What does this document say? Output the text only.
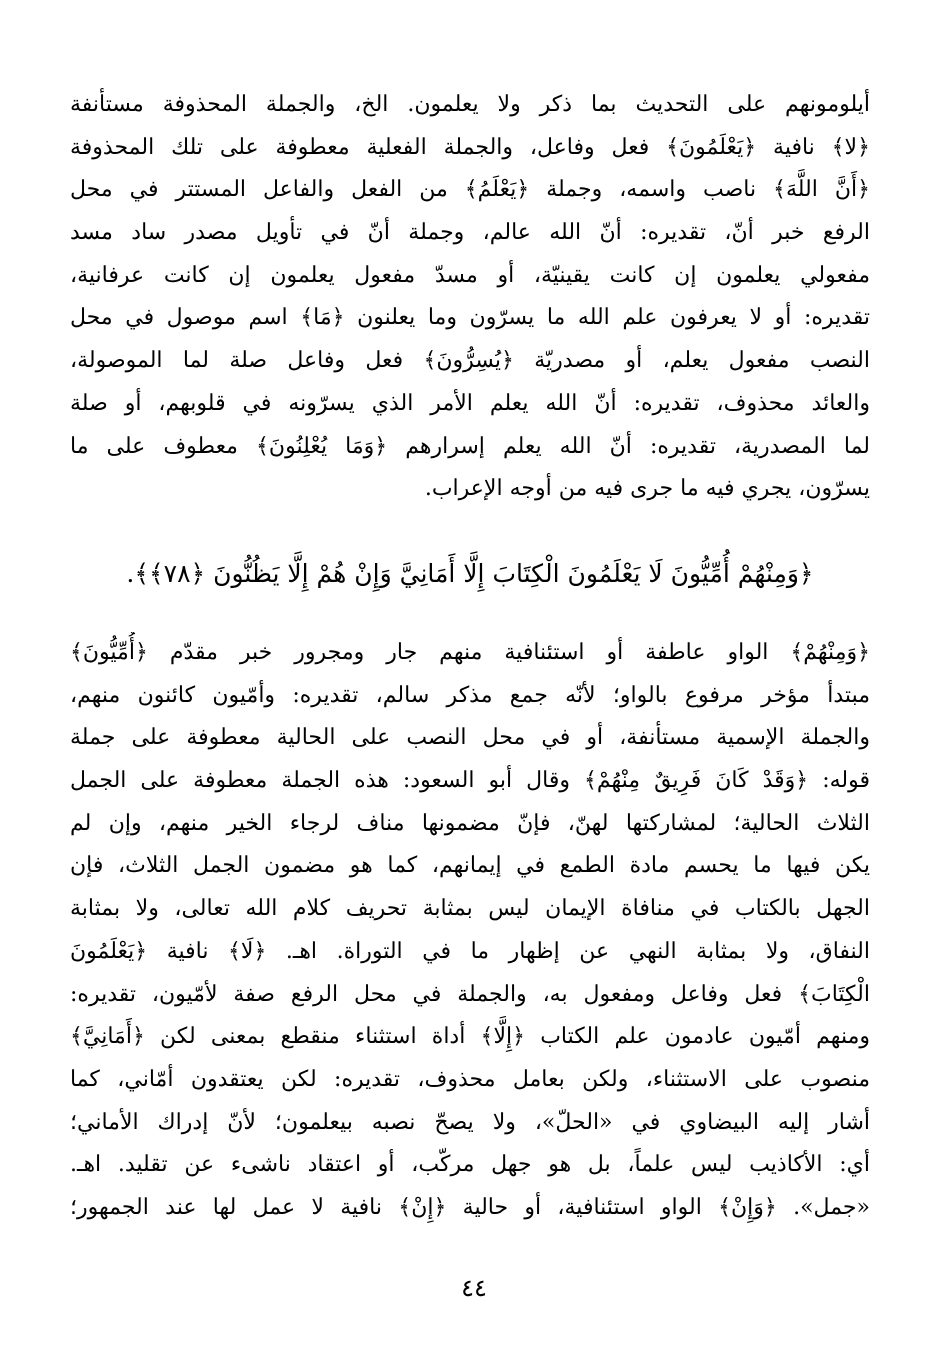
أيلومونهم على التحديث بما ذكر ولا يعلمون. الخ، والجملة المحذوفة مستأنفة
﴿لا﴾ نافية ﴿يَعْلَمُونَ﴾ فعل وفاعل، والجملة الفعلية معطوفة على تلك المحذوفة
﴿أَنَّ اللَّهَ﴾ ناصب واسمه، وجملة ﴿يَعْلَمُ﴾ من الفعل والفاعل المستتر في محل
الرفع خبر أنّ، تقديره: أنّ الله عالم، وجملة أنّ في تأويل مصدر ساد مسد
مفعولي يعلمون إن كانت يقينيّة، أو مسدّ مفعول يعلمون إن كانت عرفانية،
تقديره: أو لا يعرفون علم الله ما يسرّون وما يعلنون ﴿مَا﴾ اسم موصول في محل
النصب مفعول يعلم، أو مصدريّة ﴿يُسِرُّونَ﴾ فعل وفاعل صلة لما الموصولة،
والعائد محذوف، تقديره: أنّ الله يعلم الأمر الذي يسرّونه في قلوبهم، أو صلة
لما المصدرية، تقديره: أنّ الله يعلم إسرارهم ﴿وَمَا يُعْلِنُونَ﴾ معطوف على ما
يسرّون، يجري فيه ما جرى فيه من أوجه الإعراب.
﴿وَمِنْهُمْ أُمِّيُّونَ لَا يَعْلَمُونَ الْكِتَابَ إِلَّا أَمَانِيَّ وَإِنْ هُمْ إِلَّا يَظُنُّونَ ﴿٧٨﴾﴾.
﴿وَمِنْهُمْ﴾ الواو عاطفة أو استئنافية منهم جار ومجرور خبر مقدّم ﴿أُمِّيُّونَ﴾
مبتدأ مؤخر مرفوع بالواو؛ لأنّه جمع مذكر سالم، تقديره: وأمّيون كائنون منهم،
والجملة الإسمية مستأنفة، أو في محل النصب على الحالية معطوفة على جملة
قوله: ﴿وَقَدْ كَانَ فَرِيقٌ مِنْهُمْ﴾ وقال أبو السعود: هذه الجملة معطوفة على الجمل
الثلاث الحالية؛ لمشاركتها لهنّ، فإنّ مضمونها مناف لرجاء الخير منهم، وإن لم
يكن فيها ما يحسم مادة الطمع في إيمانهم، كما هو مضمون الجمل الثلاث، فإن
الجهل بالكتاب في منافاة الإيمان ليس بمثابة تحريف كلام الله تعالى، ولا بمثابة
النفاق، ولا بمثابة النهي عن إظهار ما في التوراة. اهـ. ﴿لَا﴾ نافية ﴿يَعْلَمُونَ
الْكِتَابَ﴾ فعل وفاعل ومفعول به، والجملة في محل الرفع صفة لأمّيون، تقديره:
ومنهم أمّيون عادمون علم الكتاب ﴿إِلَّا﴾ أداة استثناء منقطع بمعنى لكن ﴿أَمَانِيَّ﴾
منصوب على الاستثناء، ولكن بعامل محذوف، تقديره: لكن يعتقدون أمّاني، كما
أشار إليه البيضاوي في «الحلّ»، ولا يصحّ نصبه بيعلمون؛ لأنّ إدراك الأماني؛
أي: الأكاذيب ليس علماً، بل هو جهل مركّب، أو اعتقاد ناشىء عن تقليد. اهـ.
«جمل». ﴿وَإِنْ﴾ الواو استئنافية، أو حالية ﴿إِنْ﴾ نافية لا عمل لها عند الجمهور؛
٤٤
